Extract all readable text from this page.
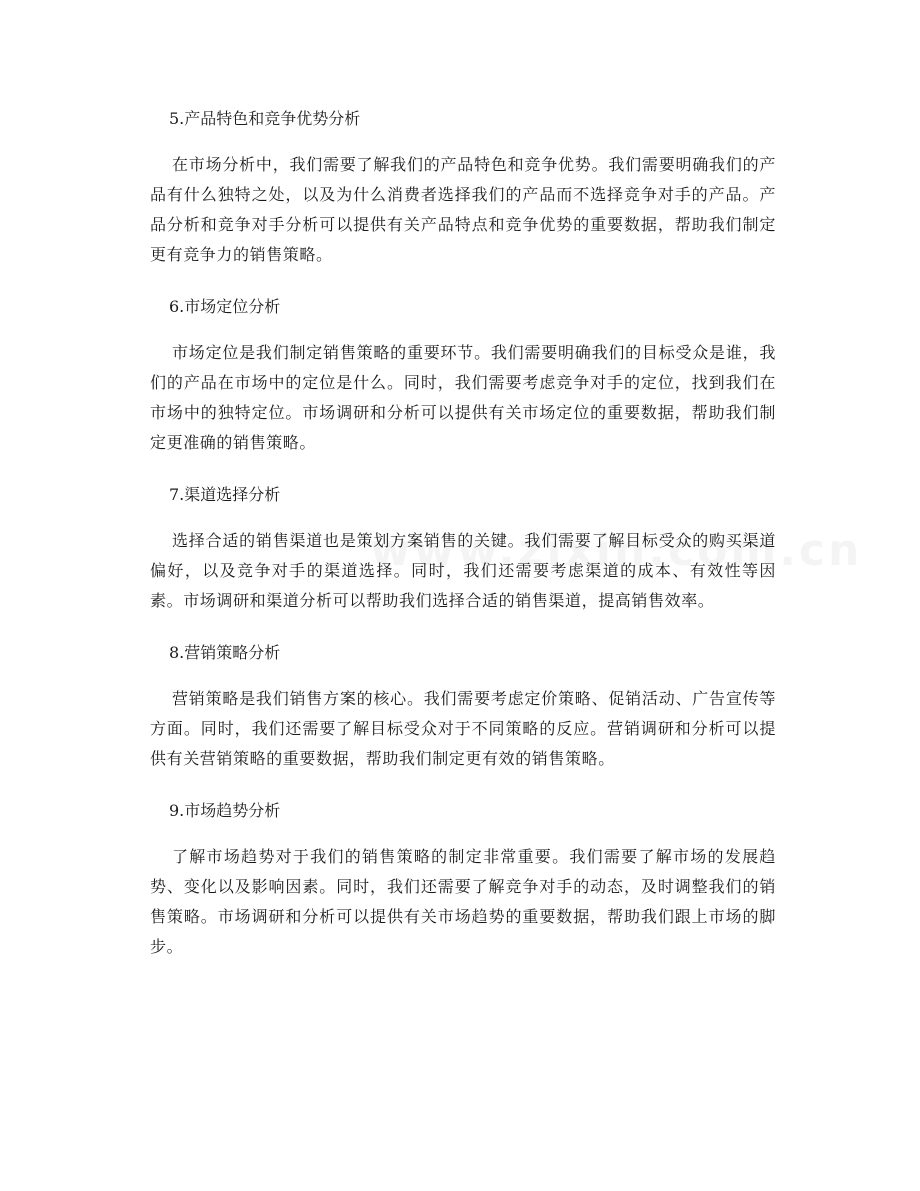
5.产品特色和竞争优势分析

在市场分析中，我们需要了解我们的产品特色和竞争优势。我们需要明确我们的产品有什么独特之处，以及为什么消费者选择我们的产品而不选择竞争对手的产品。产品分析和竞争对手分析可以提供有关产品特点和竞争优势的重要数据，帮助我们制定更有竞争力的销售策略。

6.市场定位分析

市场定位是我们制定销售策略的重要环节。我们需要明确我们的目标受众是谁，我们的产品在市场中的定位是什么。同时，我们需要考虑竞争对手的定位，找到我们在市场中的独特定位。市场调研和分析可以提供有关市场定位的重要数据，帮助我们制定更准确的销售策略。

7.渠道选择分析

选择合适的销售渠道也是策划方案销售的关键。我们需要了解目标受众的购买渠道偏好，以及竞争对手的渠道选择。同时，我们还需要考虑渠道的成本、有效性等因素。市场调研和渠道分析可以帮助我们选择合适的销售渠道，提高销售效率。

8.营销策略分析

营销策略是我们销售方案的核心。我们需要考虑定价策略、促销活动、广告宣传等方面。同时，我们还需要了解目标受众对于不同策略的反应。营销调研和分析可以提供有关营销策略的重要数据，帮助我们制定更有效的销售策略。

9.市场趋势分析

了解市场趋势对于我们的销售策略的制定非常重要。我们需要了解市场的发展趋势、变化以及影响因素。同时，我们还需要了解竞争对手的动态，及时调整我们的销售策略。市场调研和分析可以提供有关市场趋势的重要数据，帮助我们跟上市场的脚步。
